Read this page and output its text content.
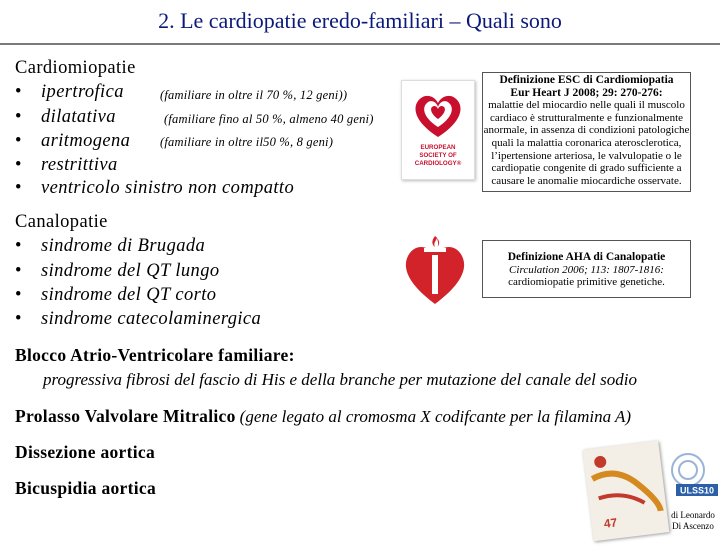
2. Le cardiopatie eredo-familiari – Quali sono
Cardiomiopatie
• ipertrofica
• dilatativa
• aritmogena
• restrittiva
• ventricolo sinistro non compatto
(familiare in oltre il 70 %, 12 geni))
(familiare fino al 50 %, almeno 40 geni)
(familiare in oltre il50 %, 8 geni)	EUROPEAN
SOCIETY OF
CARDIOLOGY®
Definizione ESC di Cardiomiopatia
Eur Heart J 2008; 29: 270-276:
malattie del miocardio nelle quali il muscolo cardiaco è strutturalmente e funzionalmente anormale, in assenza di condizioni patologiche quali la malattia coronarica aterosclerotica, l’ipertensione arteriosa, le valvulopatie o le cardiopatie congenite di grado sufficiente a causare le anomalie miocardiche osservate.
Canalopatie
• sindrome di Brugada
• sindrome del QT lungo
• sindrome del QT corto
• sindrome catecolaminergica
Definizione AHA di Canalopatie
Circulation 2006; 113: 1807-1816:
cardiomiopatie primitive genetiche.
Blocco Atrio-Ventricolare familiare:
progressiva fibrosi del fascio di His e della branche per mutazione del canale del sodio
Prolasso Valvolare Mitralico (gene legato al cromosma X codifcante per la filamina A)
Dissezione aortica
Bicuspidia aortica
47
ULSS10
di Leonardo
Di Ascenzo
